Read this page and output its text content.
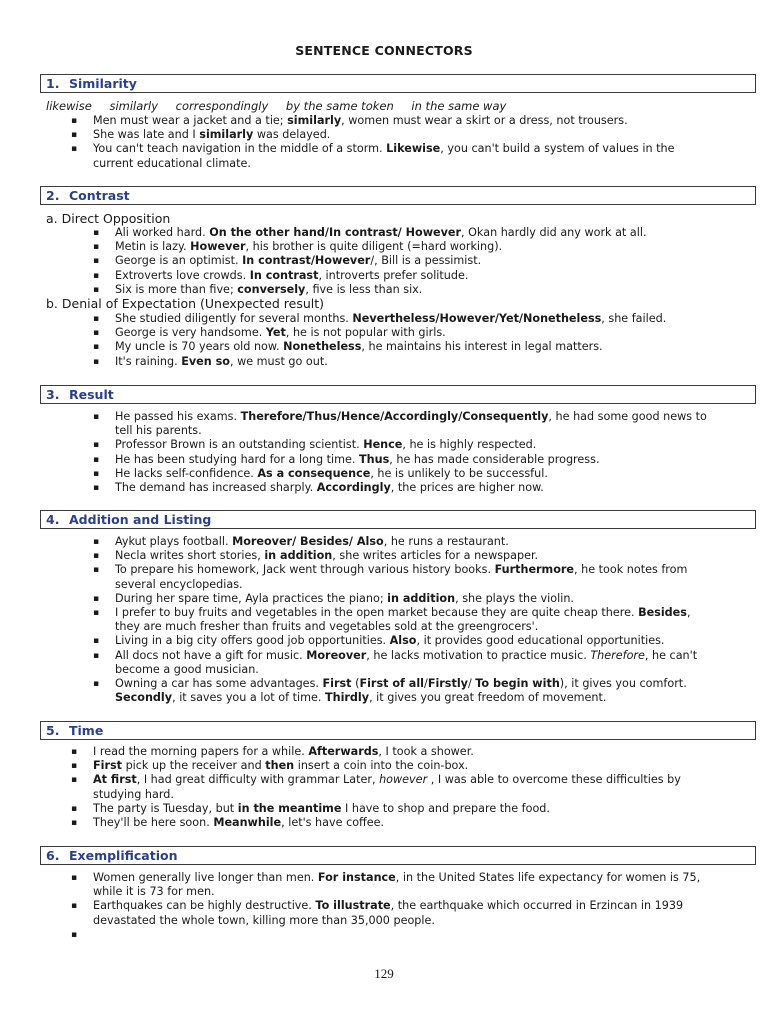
SENTENCE CONNECTORS
1. Similarity
likewise similarly correspondingly by the same token in the same way
▪ Men must wear a jacket and a tie; similarly, women must wear a skirt or a dress, not trousers.
▪ She was late and I similarly was delayed.
▪ You can't teach navigation in the middle of a storm. Likewise, you can't build a system of values in the
current educational climate.
2. Contrast
a. Direct Opposition
b. Denial of Expectation (Unexpected result)
▪ Ali worked hard. On the other hand/In contrast/ However, Okan hardly did any work at all.
▪ Metin is lazy. However, his brother is quite diligent (=hard working).
▪ George is an optimist. In contrast/However/, Bill is a pessimist.
▪ Extroverts love crowds. In contrast, introverts prefer solitude.
▪ Six is more than five; conversely, five is less than six.
▪ She studied diligently for several months. Nevertheless/However/Yet/Nonetheless, she failed.
▪ George is very handsome. Yet, he is not popular with girls.
▪ My uncle is 70 years old now. Nonetheless, he maintains his interest in legal matters.
▪ It's raining. Even so, we must go out.
3. Result
▪ He passed his exams. Therefore/Thus/Hence/Accordingly/Consequently, he had some good news to
tell his parents.
▪ Professor Brown is an outstanding scientist. Hence, he is highly respected.
▪ He has been studying hard for a long time. Thus, he has made considerable progress.
▪ He lacks self-confidence. As a consequence, he is unlikely to be successful.
▪ The demand has increased sharply. Accordingly, the prices are higher now.
4. Addition and Listing
▪ Aykut plays football. Moreover/ Besides/ Also, he runs a restaurant.
▪ Necla writes short stories, in addition, she writes articles for a newspaper.
▪ To prepare his homework, Jack went through various history books. Furthermore, he took notes from
several encyclopedias.
▪ During her spare time, Ayla practices the piano; in addition, she plays the violin.
▪ I prefer to buy fruits and vegetables in the open market because they are quite cheap there. Besides,
they are much fresher than fruits and vegetables sold at the greengrocers'.
▪ Living in a big city offers good job opportunities. Also, it provides good educational opportunities.
▪ All docs not have a gift for music. Moreover, he lacks motivation to practice music. Therefore, he can't
become a good musician.
▪ Owning a car has some advantages. First (First of all/Firstly/ To begin with), it gives you comfort.
Secondly, it saves you a lot of time. Thirdly, it gives you great freedom of movement.
5. Time
▪ I read the morning papers for a while. Afterwards, I took a shower.
▪ First pick up the receiver and then insert a coin into the coin-box.
▪ At first, I had great difficulty with grammar Later, however , I was able to overcome these difficulties by
studying hard.
▪ The party is Tuesday, but in the meantime I have to shop and prepare the food.
▪ They'll be here soon. Meanwhile, let's have coffee.
6. Exemplification
▪ Women generally live longer than men. For instance, in the United States life expectancy for women is 75,
while it is 73 for men.
▪ Earthquakes can be highly destructive. To illustrate, the earthquake which occurred in Erzincan in 1939
devastated the whole town, killing more than 35,000 people.
▪
129
